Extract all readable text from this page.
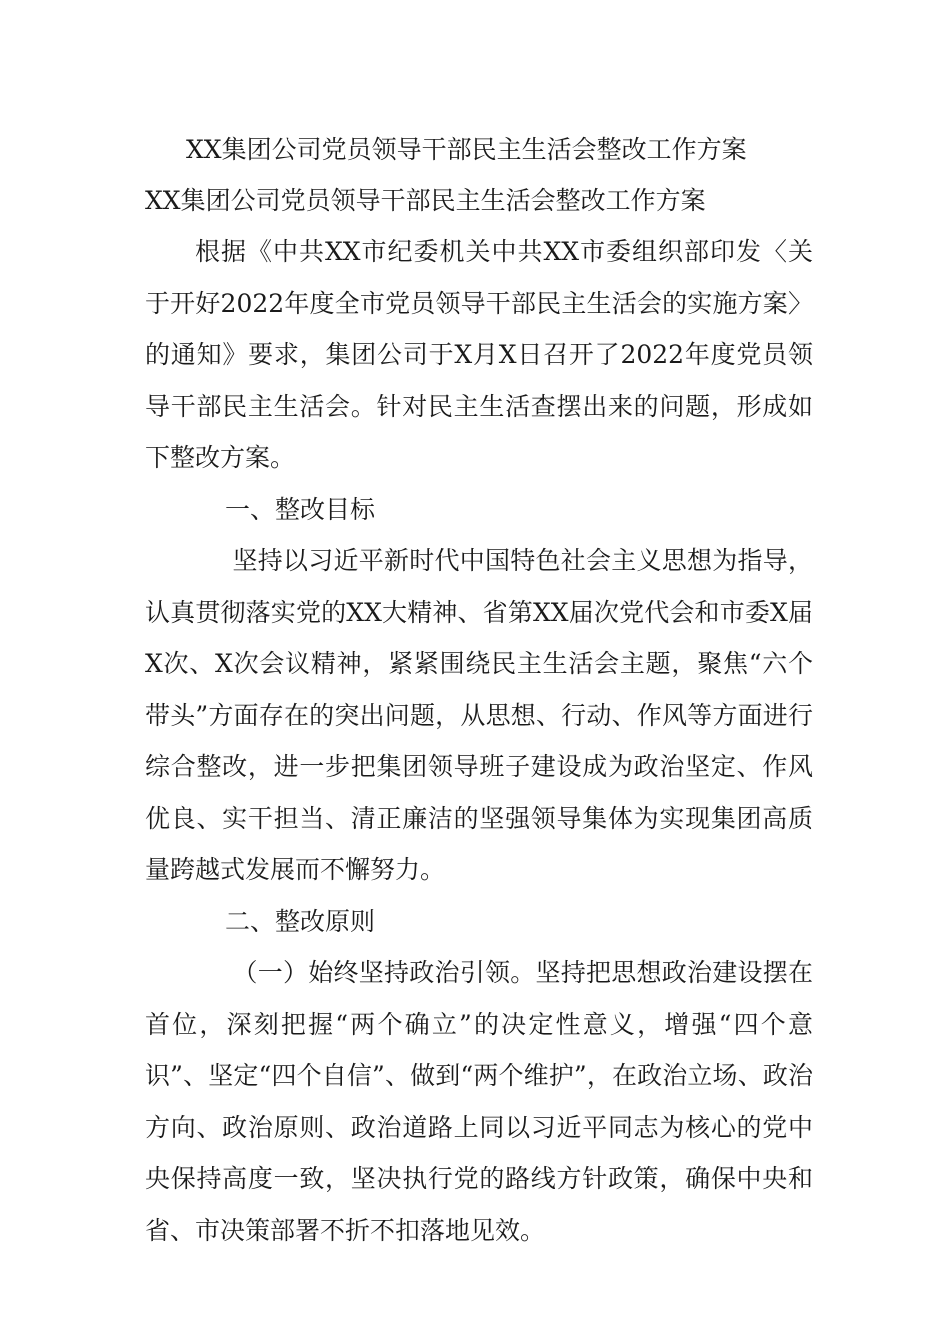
XX集团公司党员领导干部民主生活会整改工作方案
XX集团公司党员领导干部民主生活会整改工作方案

根据《中共XX市纪委机关中共XX市委组织部印发〈关于开好2022年度全市党员领导干部民主生活会的实施方案〉的通知》要求，集团公司于X月X日召开了2022年度党员领导干部民主生活会。针对民主生活查摆出来的问题，形成如下整改方案。

一、整改目标

坚持以习近平新时代中国特色社会主义思想为指导，认真贯彻落实党的XX大精神、省第XX届次党代会和市委X届X次、X次会议精神，紧紧围绕民主生活会主题，聚焦“六个带头”方面存在的突出问题，从思想、行动、作风等方面进行综合整改，进一步把集团领导班子建设成为政治坚定、作风优良、实干担当、清正廉洁的坚强领导集体为实现集团高质量跨越式发展而不懈努力。

二、整改原则

（一）始终坚持政治引领。坚持把思想政治建设摆在首位，深刻把握“两个确立”的决定性意义，增强“四个意识”、坚定“四个自信”、做到“两个维护”，在政治立场、政治方向、政治原则、政治道路上同以习近平同志为核心的党中央保持高度一致，坚决执行党的路线方针政策，确保中央和省、市决策部署不折不扣落地见效。
